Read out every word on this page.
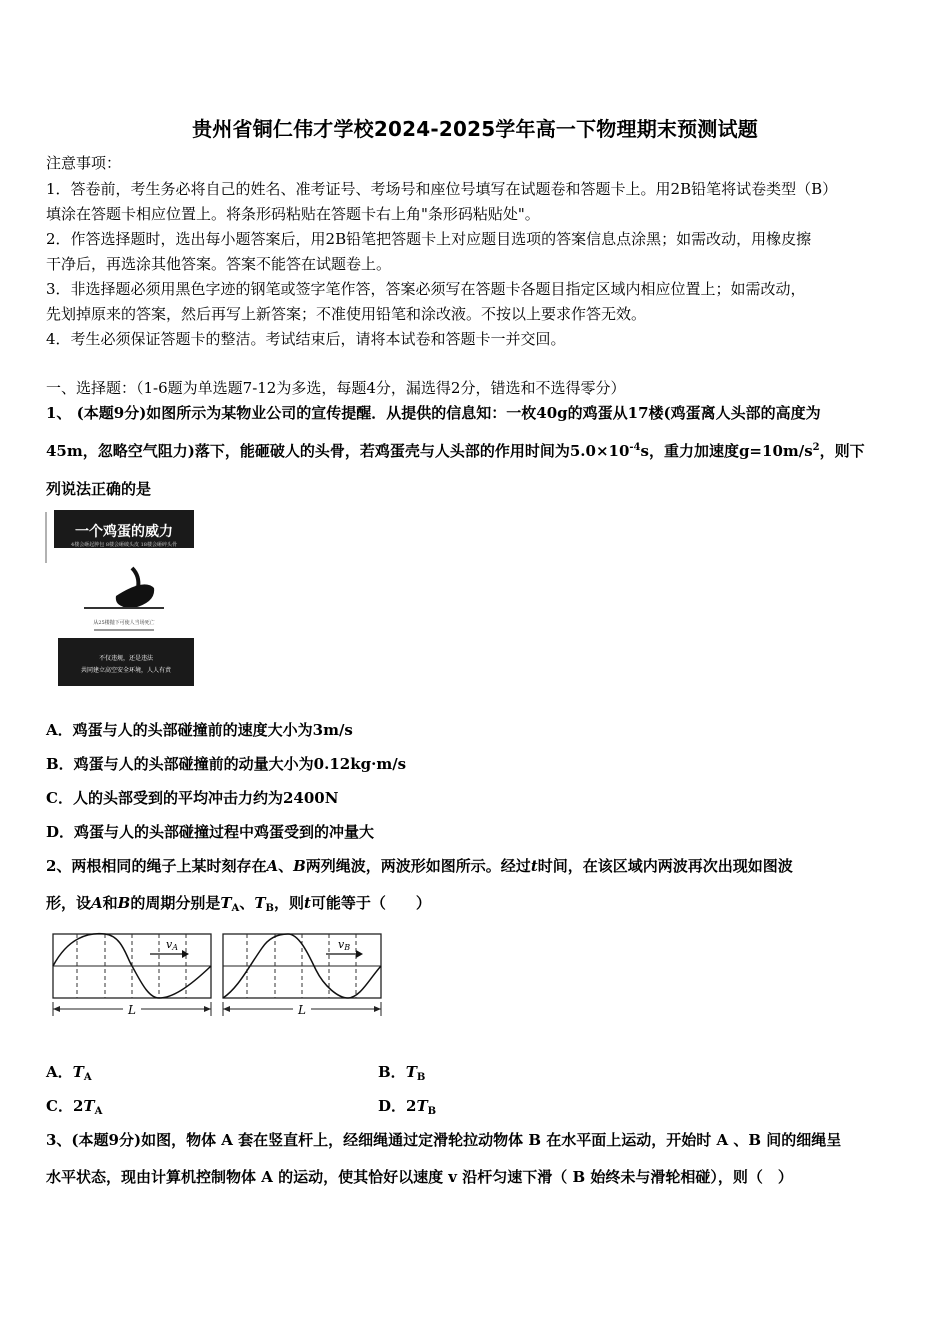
贵州省铜仁伟才学校2024-2025学年高一下物理期末预测试题
注意事项：
1．答卷前，考生务必将自己的姓名、准考证号、考场号和座位号填写在试题卷和答题卡上。用2B铅笔将试卷类型（B）
填涂在答题卡相应位置上。将条形码粘贴在答题卡右上角"条形码粘贴处"。
2．作答选择题时，选出每小题答案后，用2B铅笔把答题卡上对应题目选项的答案信息点涂黑；如需改动，用橡皮擦
干净后，再选涂其他答案。答案不能答在试题卷上。
3．非选择题必须用黑色字迹的钢笔或签字笔作答，答案必须写在答题卡各题目指定区域内相应位置上；如需改动，
先划掉原来的答案，然后再写上新答案；不准使用铅笔和涂改液。不按以上要求作答无效。
4．考生必须保证答题卡的整洁。考试结束后，请将本试卷和答题卡一并交回。
一、选择题：（1-6题为单选题7-12为多选，每题4分，漏选得2分，错选和不选得零分）
1、 (本题9分)如图所示为某物业公司的宣传提醒．从提供的信息知：一枚40g的鸡蛋从17楼(鸡蛋离人头部的高度为
45m，忽略空气阻力)落下，能砸破人的头骨，若鸡蛋壳与人头部的作用时间为$5.0\times 10^{-4}s$，重力加速度$g=10m/s^2$，则下
列说法正确的是
一个鸡蛋的威力
4楼会砸起肿包 8楼会砸破头皮 18楼会砸碎头骨
从25楼抛下可使人当场死亡
不仅违规，还是违法
共同建立高空安全环境，人人有责
A．鸡蛋与人的头部碰撞前的速度大小为3m/s
B．鸡蛋与人的头部碰撞前的动量大小为0.12kg·m/s
C．人的头部受到的平均冲击力约为2400N
D．鸡蛋与人的头部碰撞过程中鸡蛋受到的冲量大
2、两根相同的绳子上某时刻存在A、B两列绳波，两波形如图所示。经过t时间，在该区域内两波再次出现如图波
形，设A和B的周期分别是$T_A$、$T_B$，则t可能等于（　　）
vA
L
vB
L
A．$T_A$	B．$T_B$
C．$2T_A$	D．$2T_B$
3、(本题9分)如图，物体 A 套在竖直杆上，经细绳通过定滑轮拉动物体 B 在水平面上运动，开始时 A 、B 间的细绳呈
水平状态，现由计算机控制物体 A 的运动，使其恰好以速度 v 沿杆匀速下滑（ B 始终未与滑轮相碰），则（　）
